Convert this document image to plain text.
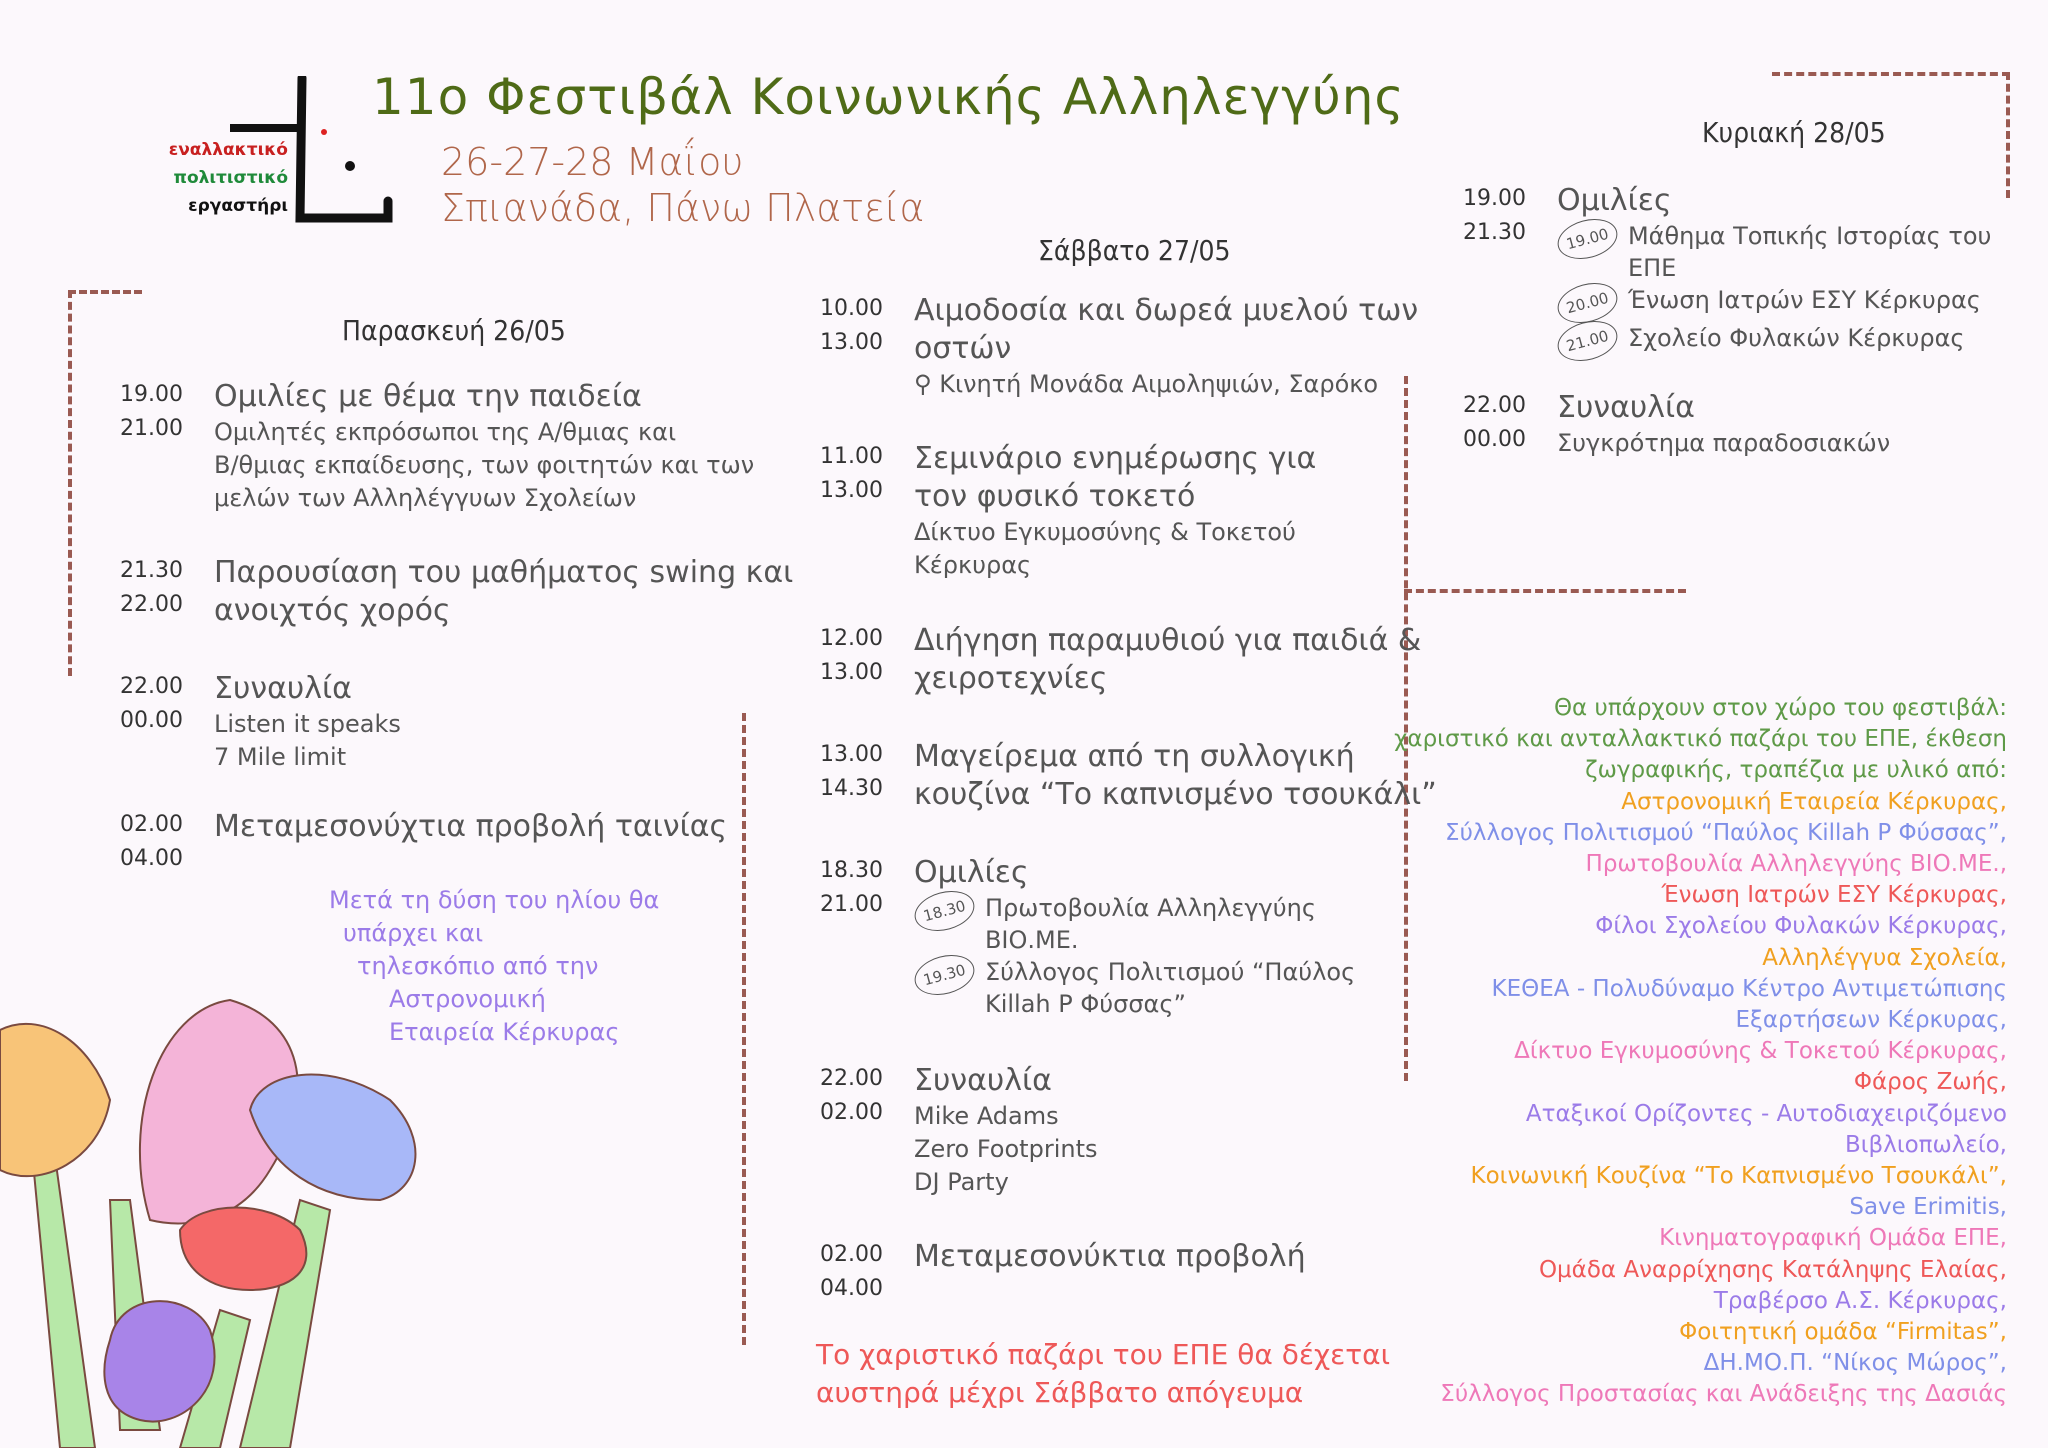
εναλλακτικό
πολιτιστικό
εργαστήρι
11ο Φεστιβάλ Κοινωνικής Αλληλεγγύης
26-27-28 Μαΐου
Σπιανάδα, Πάνω Πλατεία
Παρασκευή 26/05
19.00
21.00
Ομιλίες με θέμα την παιδεία
Ομιλητές εκπρόσωποι της Α/θμιας και
Β/θμιας εκπαίδευσης, των φοιτητών και των
μελών των Αλληλέγγυων Σχολείων
21.30
22.00
Παρουσίαση του μαθήματος swing και
ανοιχτός χορός
22.00
00.00
Συναυλία
Listen it speaks
7 Mile limit
02.00
04.00
Μεταμεσονύχτια προβολή ταινίας
Μετά τη δύση του ηλίου θα
υπάρχει και
τηλεσκόπιο από την
Αστρονομική
Εταιρεία Κέρκυρας
Σάββατο 27/05
10.00
13.00
Αιμοδοσία και δωρεά μυελού των
οστών
⚲ Κινητή Μονάδα Αιμοληψιών, Σαρόκο
11.00
13.00
Σεμινάριο ενημέρωσης για
τον φυσικό τοκετό
Δίκτυο Εγκυμοσύνης & Τοκετού
Κέρκυρας
12.00
13.00
Διήγηση παραμυθιού για παιδιά &
χειροτεχνίες
13.00
14.30
Μαγείρεμα από τη συλλογική
κουζίνα “Το καπνισμένο τσουκάλι”
18.30
21.00
Ομιλίες
18.30 Πρωτοβουλία Αλληλεγγύης
ΒΙΟ.ΜΕ.
19.30 Σύλλογος Πολιτισμού “Παύλος
Killah P Φύσσας”
22.00
02.00
Συναυλία
Mike Adams
Zero Footprints
DJ Party
02.00
04.00
Μεταμεσονύκτια προβολή
Το χαριστικό παζάρι του ΕΠΕ θα δέχεται
αυστηρά μέχρι Σάββατο απόγευμα
Κυριακή 28/05
19.00
21.30
Ομιλίες
19.00 Μάθημα Τοπικής Ιστορίας του
ΕΠΕ
20.00 Ένωση Ιατρών ΕΣΥ Κέρκυρας
21.00 Σχολείο Φυλακών Κέρκυρας
22.00
00.00
Συναυλία
Συγκρότημα παραδοσιακών
Θα υπάρχουν στον χώρο του φεστιβάλ:
χαριστικό και ανταλλακτικό παζάρι του ΕΠΕ, έκθεση
ζωγραφικής, τραπέζια με υλικό από:
Αστρονομική Εταιρεία Κέρκυρας,
Σύλλογος Πολιτισμού “Παύλος Killah P Φύσσας”,
Πρωτοβουλία Αλληλεγγύης ΒΙΟ.ΜΕ.,
Ένωση Ιατρών ΕΣΥ Κέρκυρας,
Φίλοι Σχολείου Φυλακών Κέρκυρας,
Αλληλέγγυα Σχολεία,
ΚΕΘΕΑ - Πολυδύναμο Κέντρο Αντιμετώπισης
Εξαρτήσεων Κέρκυρας,
Δίκτυο Εγκυμοσύνης & Τοκετού Κέρκυρας,
Φάρος Ζωής,
Αταξικοί Ορίζοντες - Αυτοδιαχειριζόμενο
Βιβλιοπωλείο,
Κοινωνική Κουζίνα “Το Καπνισμένο Τσουκάλι”,
Save Erimitis,
Κινηματογραφική Ομάδα ΕΠΕ,
Ομάδα Αναρρίχησης Κατάληψης Ελαίας,
Τραβέρσο Α.Σ. Κέρκυρας,
Φοιτητική ομάδα “Firmitas”,
ΔΗ.ΜΟ.Π. “Νίκος Μώρος”,
Σύλλογος Προστασίας και Ανάδειξης της Δασιάς
